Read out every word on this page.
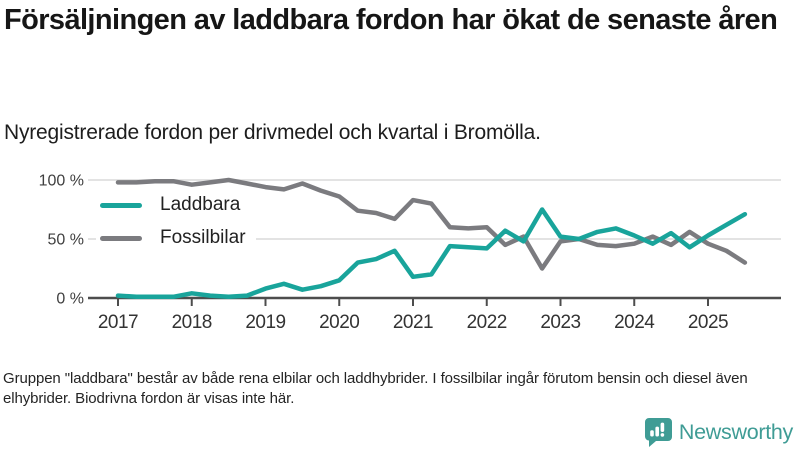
Försäljningen av laddbara fordon har ökat de senaste åren

Nyregistrerade fordon per drivmedel och kvartal i Bromölla.

0 %
50 %
100 %
2017 2018 2019 2020 2021 2022 2023 2024 2025
Laddbara
Fossilbilar

Gruppen "laddbara" består av både rena elbilar och laddhybrider. I fossilbilar ingår förutom bensin och diesel även elhybrider. Biodrivna fordon är visas inte här.

Newsworthy
